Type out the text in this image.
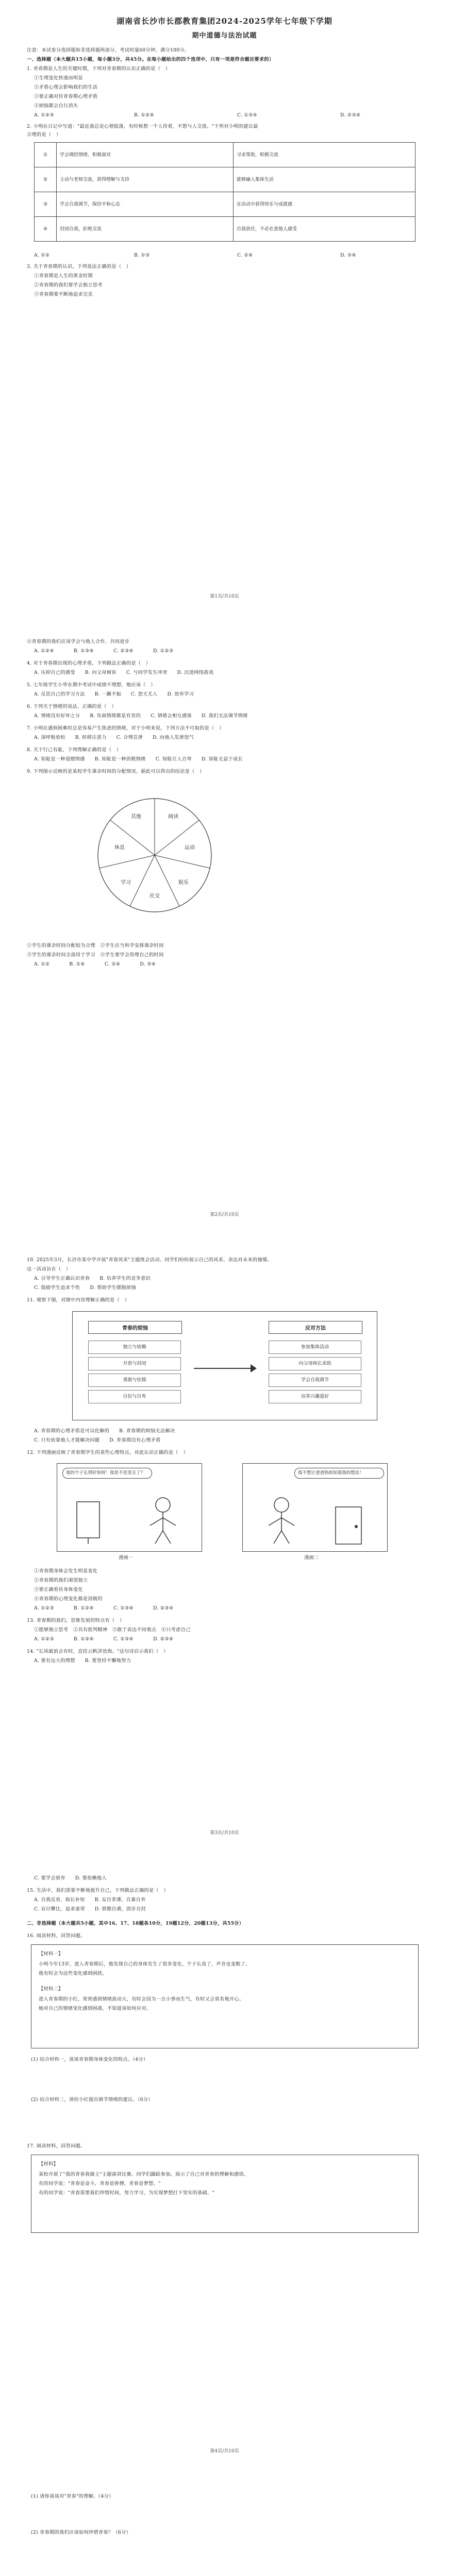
湖南省长沙市长郡教育集团2024-2025学年七年级下学期
期中道德与法治试题
注意：本试卷分选择题和非选择题两部分，考试时量60分钟，满分100分。
一、选择题（本大题共15小题，每小题3分，共45分。在每小题给出的四个选项中，只有一项是符合题目要求的）
1. 青春期是人生的关键时期，下列对青春期的认识正确的是（　）
①生理变化快速而明显
②矛盾心理会影响我们的生活
③要正确对待青春期心理矛盾
④烦恼都会自行消失
A. ①②③	B. ①②④	C. ①③④	D. ②③④
2. 小明在日记中写道："最近我总是心情低落，有时候想一个人待着，不想与人交流。"下列对小明的建议最
合理的是（　）
①	学会调控情绪，积极面对	寻求帮助，积极交流
②	主动与老师交流，获得理解与支持	能够融入集体生活
③	学会自我调节，保持平和心态	在活动中获得快乐与成就感
④	封闭自我，拒绝交流	自我放任，不必在意他人感受
A. ①②	B. ①③	C. ②④	D. ③④
3. 关于青春期的认识，下列说法正确的是（　）
①青春期是人生的黄金时期
②青春期的我们要学会独立思考
③青春期要不断地追求完美
第1页/共10页
④青春期的我们应该学会与他人合作，共同进步
A. ①②④　　　　B. ①③④　　　　C. ②③④　　　　D. ①②③
4. 对于青春期出现的心理矛盾，下列做法正确的是（　）
A. 压抑自己的感受　　B. 向父母倾诉　　C. 与同学发生冲突　　D. 沉迷网络游戏
5. 七年级学生小华在期中考试中成绩不理想，她应该（　）
A. 反思自己的学习方法　　B. 一蹶不振　　C. 怨天尤人　　D. 放弃学习
6. 下列关于情绪的说法，正确的是（　）
A. 情绪没有好坏之分　　B. 负面情绪都是有害的　　C. 情绪会相互感染　　D. 我们无法调节情绪
7. 小明在遇到困难时总是容易产生焦虑的情绪，对于小明来说，下列方法不可取的是（　）
A. 深呼吸放松　　B. 转移注意力　　C. 合理宣泄　　D. 向他人发泄怒气
8. 关于行己有耻，下列理解正确的是（　）
A. 知耻是一种道德情感　　B. 知耻是一种消极情绪　　C. 知耻让人自卑　　D. 知耻无益于成长
9. 下列图示反映的是某校学生课余时间的分配情况，据此可以得出的结论是（　）
阅读
运动
娱乐
社交
学习
休息
其他
①学生的课余时间分配较为合理　②学生应当科学安排课余时间
③学生的课余时间全部用于学习　④学生要学会管理自己的时间
A. ①②　　　　B. ①④　　　　C. ②④　　　　D. ③④
第2页/共10页
10. 2025年3月，长沙市某中学开展"青春风采"主题班会活动。同学们纷纷展示自己的风采，表达对未来的憧憬。
这一活动旨在（　）
A. 引导学生正确认识青春　　B. 培养学生的竞争意识
C. 鼓励学生追求个性　　D. 帮助学生摆脱烦恼
11. 观察下图，对图中内容理解正确的是（　）
青春的烦恼
独立与依赖
开放与封闭
勇敢与怯懦
自信与自卑
应对方法
参加集体活动
向父母师长求助
学会自我调节
培养兴趣爱好
A. 青春期的心理矛盾是可以化解的　　B. 青春期的烦恼无法解决
C. 只有依靠他人才能解决问题　　D. 青春期没有心理矛盾
12. 下列漫画反映了青春期学生的某些心理特点，对此认识正确的是（　）
我的个子长得好快呀！我是不是变丑了？	我不想让爸爸妈妈知道我的想法！
漫画一	漫画二
①青春期身体会发生明显变化
②青春期的我们渴望独立
③要正确看待身体变化
④青春期的心理变化都是消极的
A. ①②③　　　　B. ①②④　　　　C. ①③④　　　　D. ②③④
13. 青春期的我们，思维发展的特点有（　）
①能够独立思考　②具有批判精神　③敢于表达不同观点　④只考虑自己
A. ①②③　　　　B. ①②④　　　　C. ①③④　　　　D. ②③④
14. "长风破浪会有时，直挂云帆济沧海。"这句诗启示我们（　）
A. 要有远大的理想　　B. 要坚持不懈地努力
第3页/共10页
C. 要学会放弃　　D. 要依赖他人
15. 生活中，我们需要不断地提升自己，下列做法正确的是（　）
A. 自我反省，取长补短　　B. 妄自菲薄，自暴自弃
C. 盲目攀比，追求虚荣　　D. 骄傲自满，固步自封
二、非选择题（本大题共5小题，其中16、17、18题各10分，19题12分，20题13分，共55分）
16. 阅读材料，回答问题。
【材料一】
小明今年13岁，进入青春期后，他发现自己的身体发生了很多变化，个子长高了，声音也变粗了。
他有时会为这些变化感到困扰。
【材料二】
进入青春期的小红，常常感到情绪波动大，有时会因为一点小事而生气，有时又会莫名地开心。
她对自己的情绪变化感到困惑，不知道该如何应对。
(1) 结合材料一，谈谈青春期身体变化的特点。（4分）
(2) 结合材料二，请给小红提出调节情绪的建议。（6分）
17. 阅读材料，回答问题。
【材料】
某校开展了"我的青春我做主"主题演讲比赛。同学们踊跃参加，展示了自己对青春的理解和感悟。
有的同学说："青春是奋斗，青春是拼搏，青春是梦想。"
有的同学说："青春需要我们珍惜时间，努力学习，为实现梦想打下坚实的基础。"
第4页/共10页
(1) 请你谈谈对"青春"的理解。（4分）
(2) 青春期的我们应该如何珍惜青春？（6分）
